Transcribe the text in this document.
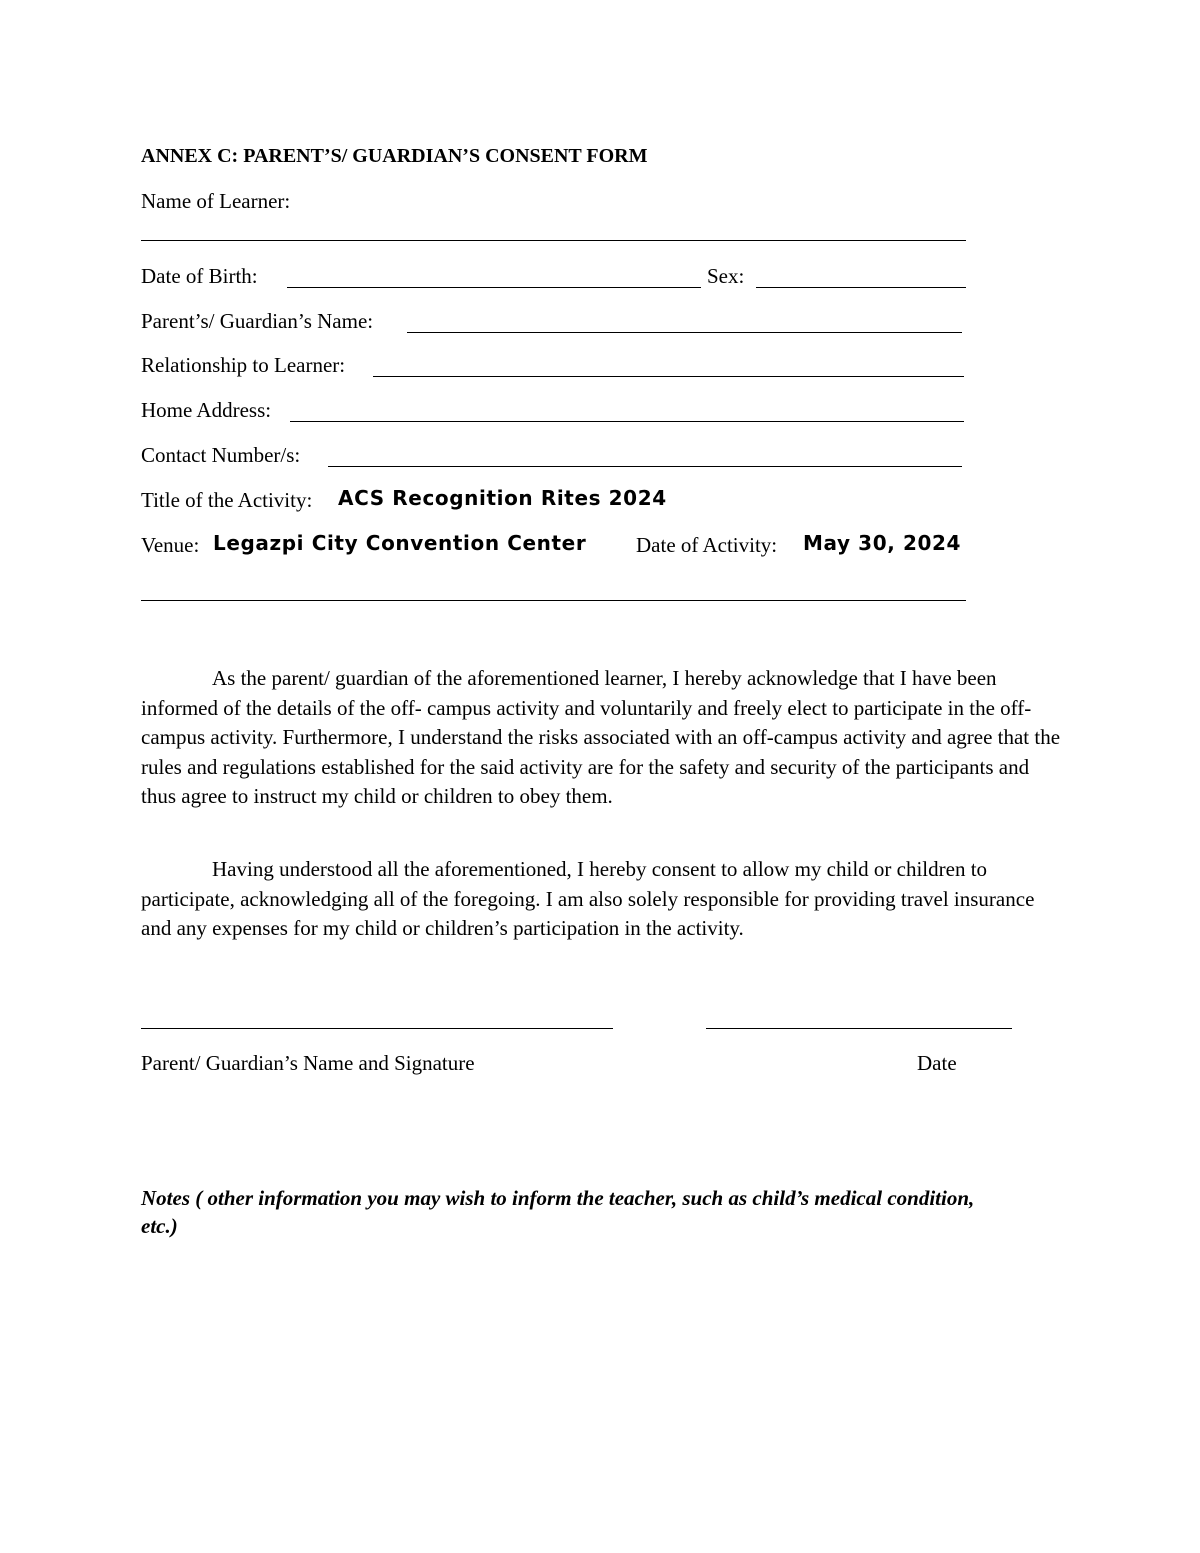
ANNEX C: PARENT’S/ GUARDIAN’S CONSENT FORM
Name of Learner:
Date of Birth:	Sex:
Parent’s/ Guardian’s Name:
Relationship to Learner:
Home Address:
Contact Number/s:
Title of the Activity: ACS Recognition Rites 2024
Venue: Legazpi City Convention Center Date of Activity: May 30, 2024

As the parent/ guardian of the aforementioned learner, I hereby acknowledge that I have been informed of the details of the off- campus activity and voluntarily and freely elect to participate in the off- campus activity. Furthermore, I understand the risks associated with an off-campus activity and agree that the rules and regulations established for the said activity are for the safety and security of the participants and thus agree to instruct my child or children to obey them.

Having understood all the aforementioned, I hereby consent to allow my child or children to participate, acknowledging all of the foregoing. I am also solely responsible for providing travel insurance and any expenses for my child or children’s participation in the activity.

Parent/ Guardian’s Name and Signature	Date

Notes ( other information you may wish to inform the teacher, such as child’s medical condition, etc.)
